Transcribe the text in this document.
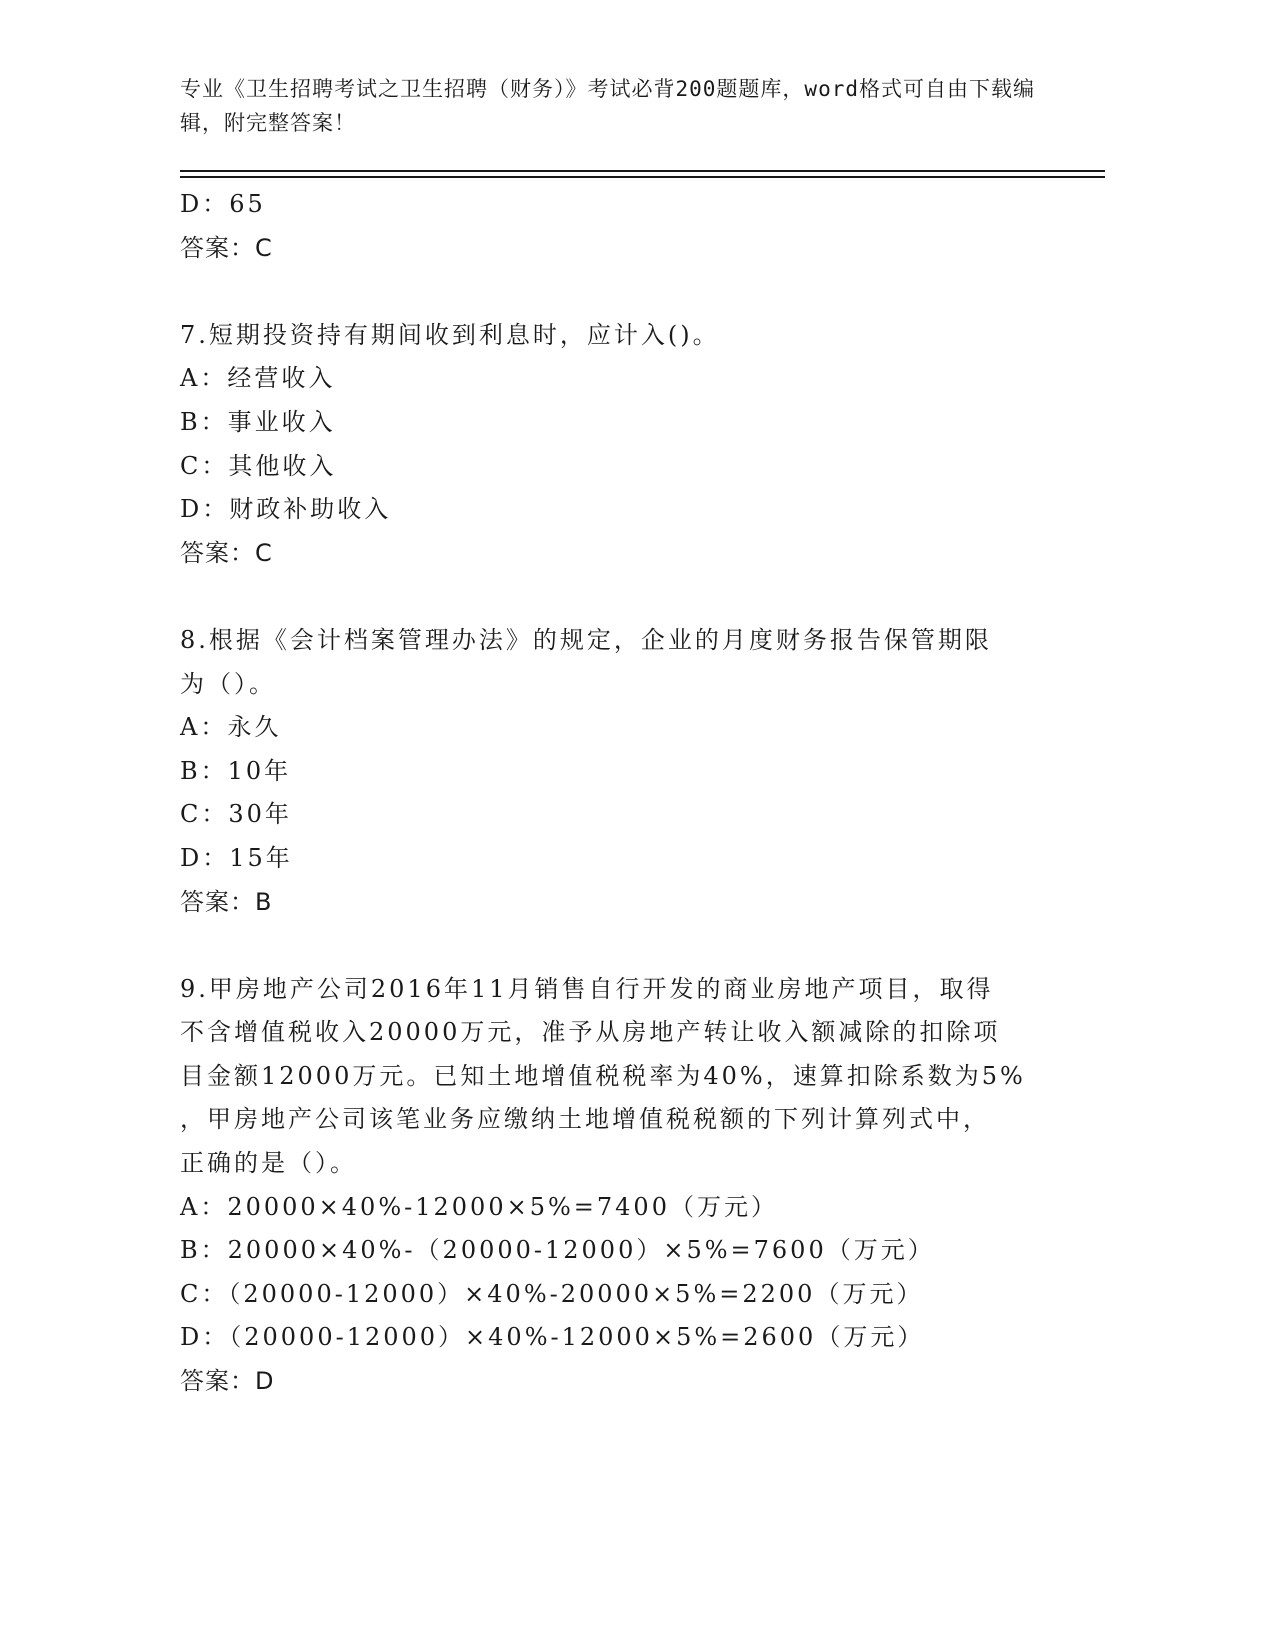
专业《卫生招聘考试之卫生招聘（财务）》考试必背200题题库，word格式可自由下载编辑，附完整答案！
D：65
答案：C
7.短期投资持有期间收到利息时，应计入()。
A：经营收入
B：事业收入
C：其他收入
D：财政补助收入
答案：C
8.根据《会计档案管理办法》的规定，企业的月度财务报告保管期限
为（）。
A：永久
B：10年
C：30年
D：15年
答案：B
9.甲房地产公司2016年11月销售自行开发的商业房地产项目，取得
不含增值税收入20000万元，准予从房地产转让收入额减除的扣除项
目金额12000万元。已知土地增值税税率为40%，速算扣除系数为5%
，甲房地产公司该笔业务应缴纳土地增值税税额的下列计算列式中，
正确的是（）。
A：20000×40%-12000×5%=7400（万元）
B：20000×40%-（20000-12000）×5%=7600（万元）
C：（20000-12000）×40%-20000×5%=2200（万元）
D：（20000-12000）×40%-12000×5%=2600（万元）
答案：D
